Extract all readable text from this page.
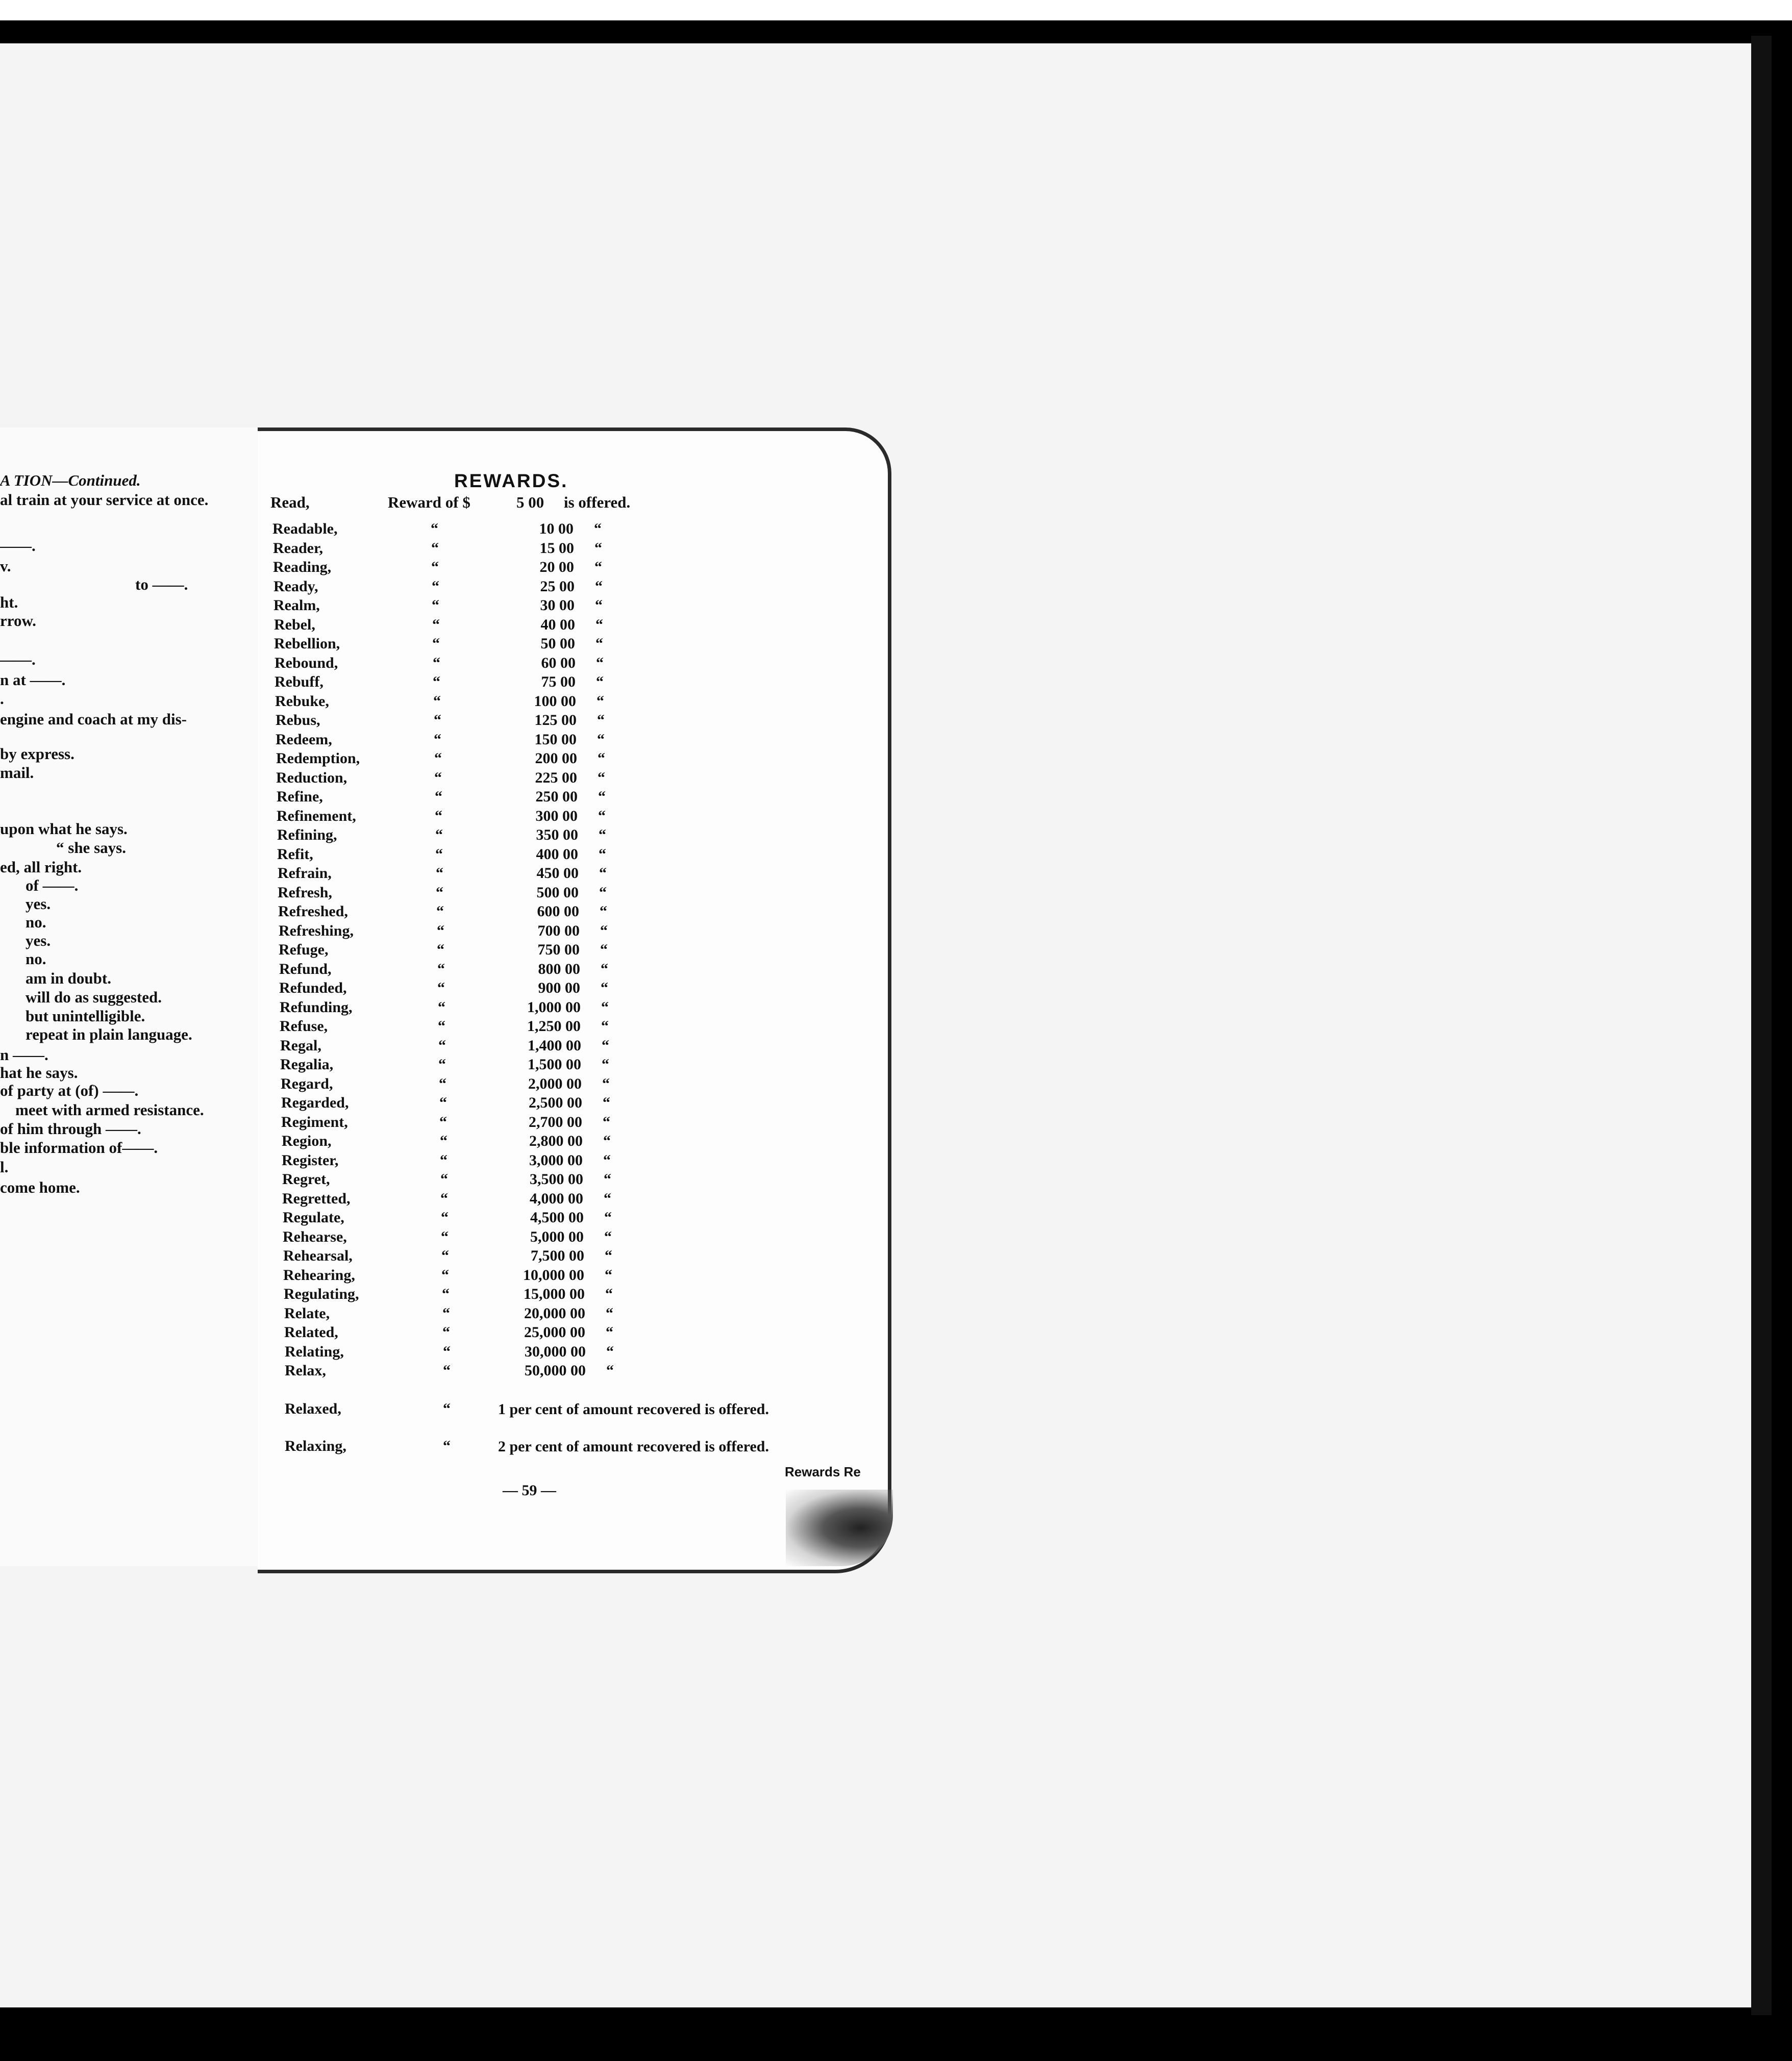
A TION—Continued.
al train at your service at once.
——.
v.
to ——.
ht.
rrow.
——.
n at ——.
.
engine and coach at my dis-
by express.
mail.
upon what he says.
“ she says.
ed, all right.
of ——.
yes.
no.
yes.
no.
am in doubt.
will do as suggested.
but unintelligible.
repeat in plain language.
n ——.
hat he says.
of party at (of) ——.
meet with armed resistance.
of him through ——.
ble information of——.
l.
come home.
REWARDS.
Read,	Reward of $	5 00 is offered.
Readable,	“	10 00 “
Reader,	“	15 00 “
Reading,	“	20 00 “
Ready,	“	25 00 “
Realm,	“	30 00 “
Rebel,	“	40 00 “
Rebellion,	“	50 00 “
Rebound,	“	60 00 “
Rebuff,	“	75 00 “
Rebuke,	“	100 00 “
Rebus,	“	125 00 “
Redeem,	“	150 00 “
Redemption,	“	200 00 “
Reduction,	“	225 00 “
Refine,	“	250 00 “
Refinement,	“	300 00 “
Refining,	“	350 00 “
Refit,	“	400 00 “
Refrain,	“	450 00 “
Refresh,	“	500 00 “
Refreshed,	“	600 00 “
Refreshing,	“	700 00 “
Refuge,	“	750 00 “
Refund,	“	800 00 “
Refunded,	“	900 00 “
Refunding,	“	1,000 00 “
Refuse,	“	1,250 00 “
Regal,	“	1,400 00 “
Regalia,	“	1,500 00 “
Regard,	“	2,000 00 “
Regarded,	“	2,500 00 “
Regiment,	“	2,700 00 “
Region,	“	2,800 00 “
Register,	“	3,000 00 “
Regret,	“	3,500 00 “
Regretted,	“	4,000 00 “
Regulate,	“	4,500 00 “
Rehearse,	“	5,000 00 “
Rehearsal,	“	7,500 00 “
Rehearing,	“	10,000 00 “
Regulating,	“	15,000 00 “
Relate,	“	20,000 00 “
Related,	“	25,000 00 “
Relating,	“	30,000 00 “
Relax,	“	50,000 00 “
Relaxed,	“	1 per cent of amount recovered is offered.
Relaxing,	“	2 per cent of amount recovered is offered.
— 59 —
Rewards Re
